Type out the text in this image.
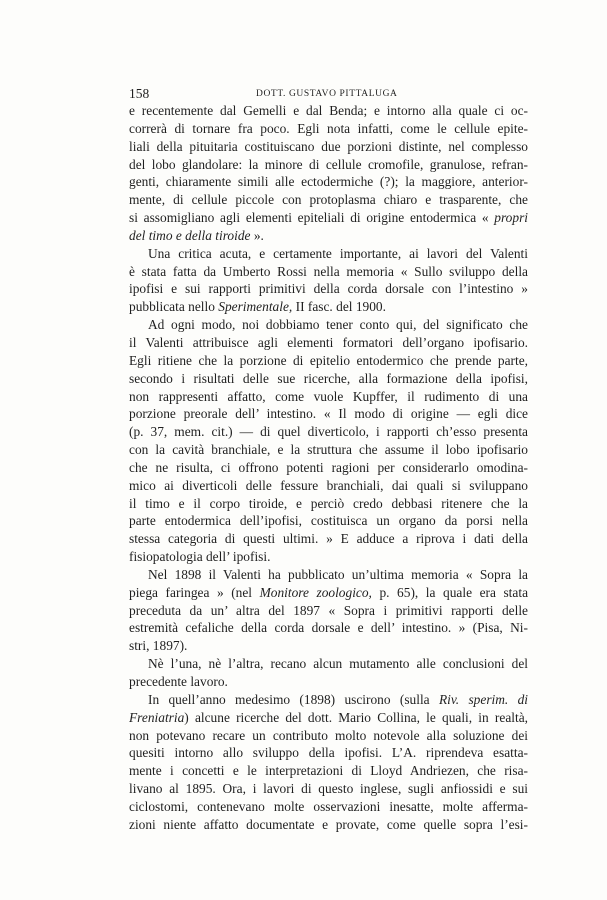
158	DOTT. GUSTAVO PITTALUGA
e recentemente dal Gemelli e dal Benda; e intorno alla quale ci oc-
correrà di tornare fra poco. Egli nota infatti, come le cellule epite-
liali della pituitaria costituiscano due porzioni distinte, nel complesso
del lobo glandolare: la minore di cellule cromofile, granulose, refran-
genti, chiaramente simili alle ectodermiche (?); la maggiore, anterior-
mente, di cellule piccole con protoplasma chiaro e trasparente, che
si assomigliano agli elementi epiteliali di origine entodermica « propri
del timo e della tiroide ».
Una critica acuta, e certamente importante, ai lavori del Valenti
è stata fatta da Umberto Rossi nella memoria « Sullo sviluppo della
ipofisi e sui rapporti primitivi della corda dorsale con l’intestino »
pubblicata nello Sperimentale, II fasc. del 1900.
Ad ogni modo, noi dobbiamo tener conto qui, del significato che
il Valenti attribuisce agli elementi formatori dell’organo ipofisario.
Egli ritiene che la porzione di epitelio entodermico che prende parte,
secondo i risultati delle sue ricerche, alla formazione della ipofisi,
non rappresenti affatto, come vuole Kupffer, il rudimento di una
porzione preorale dell’ intestino. « Il modo di origine — egli dice
(p. 37, mem. cit.) — di quel diverticolo, i rapporti ch’esso presenta
con la cavità branchiale, e la struttura che assume il lobo ipofisario
che ne risulta, ci offrono potenti ragioni per considerarlo omodina-
mico ai diverticoli delle fessure branchiali, dai quali si sviluppano
il timo e il corpo tiroide, e perciò credo debbasi ritenere che la
parte entodermica dell’ipofisi, costituisca un organo da porsi nella
stessa categoria di questi ultimi. » E adduce a riprova i dati della
fisiopatologia dell’ ipofisi.
Nel 1898 il Valenti ha pubblicato un’ultima memoria « Sopra la
piega faringea » (nel Monitore zoologico, p. 65), la quale era stata
preceduta da un’ altra del 1897 « Sopra i primitivi rapporti delle
estremità cefaliche della corda dorsale e dell’ intestino. » (Pisa, Ni-
stri, 1897).
Nè l’una, nè l’altra, recano alcun mutamento alle conclusioni del
precedente lavoro.
In quell’anno medesimo (1898) uscirono (sulla Riv. sperim. di
Freniatria) alcune ricerche del dott. Mario Collina, le quali, in realtà,
non potevano recare un contributo molto notevole alla soluzione dei
quesiti intorno allo sviluppo della ipofisi. L’A. riprendeva esatta-
mente i concetti e le interpretazioni di Lloyd Andriezen, che risa-
livano al 1895. Ora, i lavori di questo inglese, sugli anfiossidi e sui
ciclostomi, contenevano molte osservazioni inesatte, molte afferma-
zioni niente affatto documentate e provate, come quelle sopra l’esi-
